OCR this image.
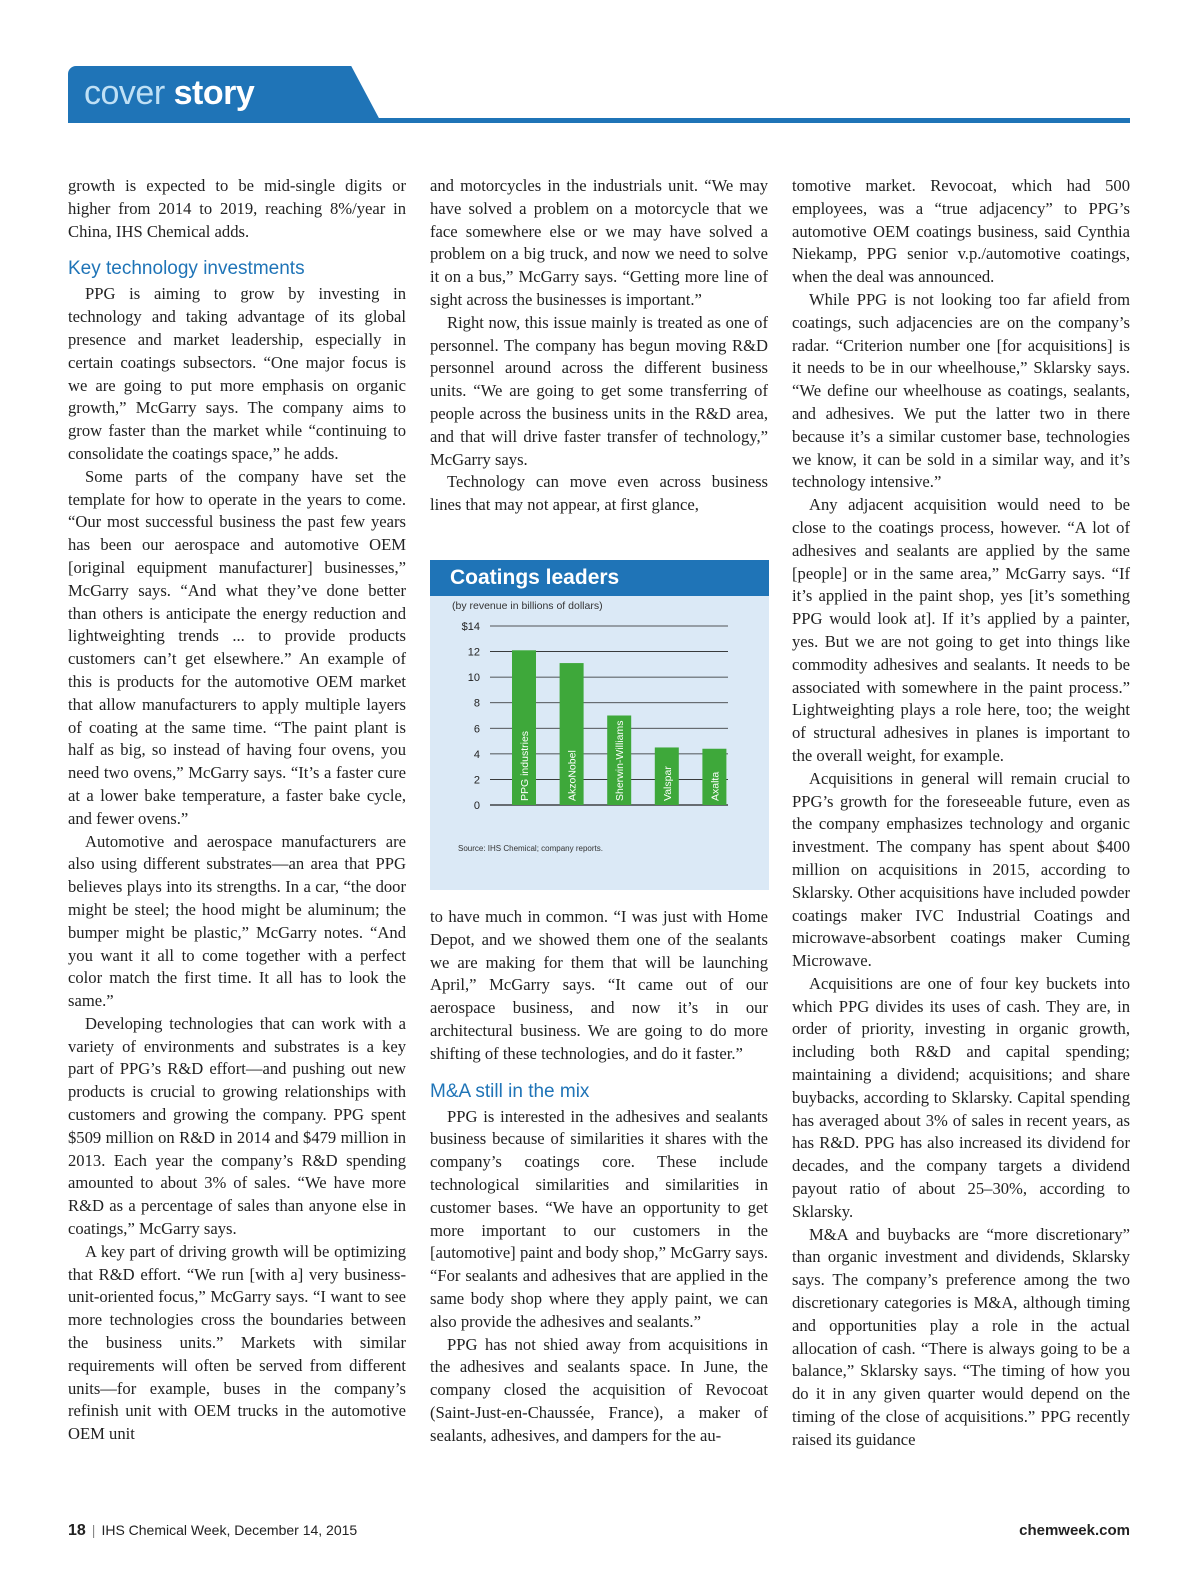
cover story

growth is expected to be mid-single digits or higher from 2014 to 2019, reaching 8%/year in China, IHS Chemical adds.

Key technology investments

PPG is aiming to grow by investing in technology and taking advantage of its global presence and market leadership, especially in certain coatings subsectors. “One major focus is we are going to put more emphasis on organic growth,” McGarry says. The company aims to grow faster than the market while “continuing to consolidate the coatings space,” he adds.

Some parts of the company have set the template for how to operate in the years to come. “Our most successful business the past few years has been our aerospace and automotive OEM [original equipment manufacturer] businesses,” McGarry says. “And what they’ve done better than others is anticipate the energy reduction and lightweighting trends ... to provide products customers can’t get elsewhere.” An example of this is products for the automotive OEM market that allow manufacturers to apply multiple layers of coating at the same time. “The paint plant is half as big, so instead of having four ovens, you need two ovens,” McGarry says. “It’s a faster cure at a lower bake temperature, a faster bake cycle, and fewer ovens.”

Automotive and aerospace manufacturers are also using different substrates—an area that PPG believes plays into its strengths. In a car, “the door might be steel; the hood might be aluminum; the bumper might be plastic,” McGarry notes. “And you want it all to come together with a perfect color match the first time. It all has to look the same.”

Developing technologies that can work with a variety of environments and substrates is a key part of PPG’s R&D effort—and pushing out new products is crucial to growing relationships with customers and growing the company. PPG spent $509 million on R&D in 2014 and $479 million in 2013. Each year the company’s R&D spending amounted to about 3% of sales. “We have more R&D as a percentage of sales than anyone else in coatings,” McGarry says.

A key part of driving growth will be optimizing that R&D effort. “We run [with a] very business-unit-oriented focus,” McGarry says. “I want to see more technologies cross the boundaries between the business units.” Markets with similar requirements will often be served from different units—for example, buses in the company’s refinish unit with OEM trucks in the automotive OEM unit

and motorcycles in the industrials unit. “We may have solved a problem on a motorcycle that we face somewhere else or we may have solved a problem on a big truck, and now we need to solve it on a bus,” McGarry says. “Getting more line of sight across the businesses is important.”

Right now, this issue mainly is treated as one of personnel. The company has begun moving R&D personnel around across the different business units. “We are going to get some transferring of people across the business units in the R&D area, and that will drive faster transfer of technology,” McGarry says.

Technology can move even across business lines that may not appear, at first glance,

to have much in common. “I was just with Home Depot, and we showed them one of the sealants we are making for them that will be launching April,” McGarry says. “It came out of our aerospace business, and now it’s in our architectural business. We are going to do more shifting of these technologies, and do it faster.”

M&A still in the mix

PPG is interested in the adhesives and sealants business because of similarities it shares with the company’s coatings core. These include technological similarities and similarities in customer bases. “We have an opportunity to get more important to our customers in the [automotive] paint and body shop,” McGarry says. “For sealants and adhesives that are applied in the same body shop where they apply paint, we can also provide the adhesives and sealants.”

PPG has not shied away from acquisitions in the adhesives and sealants space. In June, the company closed the acquisition of Revocoat (Saint-Just-en-Chaussée, France), a maker of sealants, adhesives, and dampers for the au-

tomotive market. Revocoat, which had 500 employees, was a “true adjacency” to PPG’s automotive OEM coatings business, said Cynthia Niekamp, PPG senior v.p./automotive coatings, when the deal was announced.

While PPG is not looking too far afield from coatings, such adjacencies are on the company’s radar. “Criterion number one [for acquisitions] is it needs to be in our wheelhouse,” Sklarsky says. “We define our wheelhouse as coatings, sealants, and adhesives. We put the latter two in there because it’s a similar customer base, technologies we know, it can be sold in a similar way, and it’s technology intensive.”

Any adjacent acquisition would need to be close to the coatings process, however. “A lot of adhesives and sealants are applied by the same [people] or in the same area,” McGarry says. “If it’s applied in the paint shop, yes [it’s something PPG would look at]. If it’s applied by a painter, yes. But we are not going to get into things like commodity adhesives and sealants. It needs to be associated with somewhere in the paint process.” Lightweighting plays a role here, too; the weight of structural adhesives in planes is important to the overall weight, for example.

Acquisitions in general will remain crucial to PPG’s growth for the foreseeable future, even as the company emphasizes technology and organic investment. The company has spent about $400 million on acquisitions in 2015, according to Sklarsky. Other acquisitions have included powder coatings maker IVC Industrial Coatings and microwave-absorbent coatings maker Cuming Microwave.

Acquisitions are one of four key buckets into which PPG divides its uses of cash. They are, in order of priority, investing in organic growth, including both R&D and capital spending; maintaining a dividend; acquisitions; and share buybacks, according to Sklarsky. Capital spending has averaged about 3% of sales in recent years, as has R&D. PPG has also increased its dividend for decades, and the company targets a dividend payout ratio of about 25–30%, according to Sklarsky.

M&A and buybacks are “more discretionary” than organic investment and dividends, Sklarsky says. The company’s preference among the two discretionary categories is M&A, although timing and opportunities play a role in the actual allocation of cash. “There is always going to be a balance,” Sklarsky says. “The timing of how you do it in any given quarter would depend on the timing of the close of acquisitions.” PPG recently raised its guidance

Coatings leaders
(by revenue in billions of dollars)
0
2
4
6
8
10
12
$14
PPG industries	AkzoNobel	Sherwin-Williams	Valspar	Axalta
Source: IHS Chemical; company reports.
18 | IHS Chemical Week, December 14, 2015	chemweek.com
